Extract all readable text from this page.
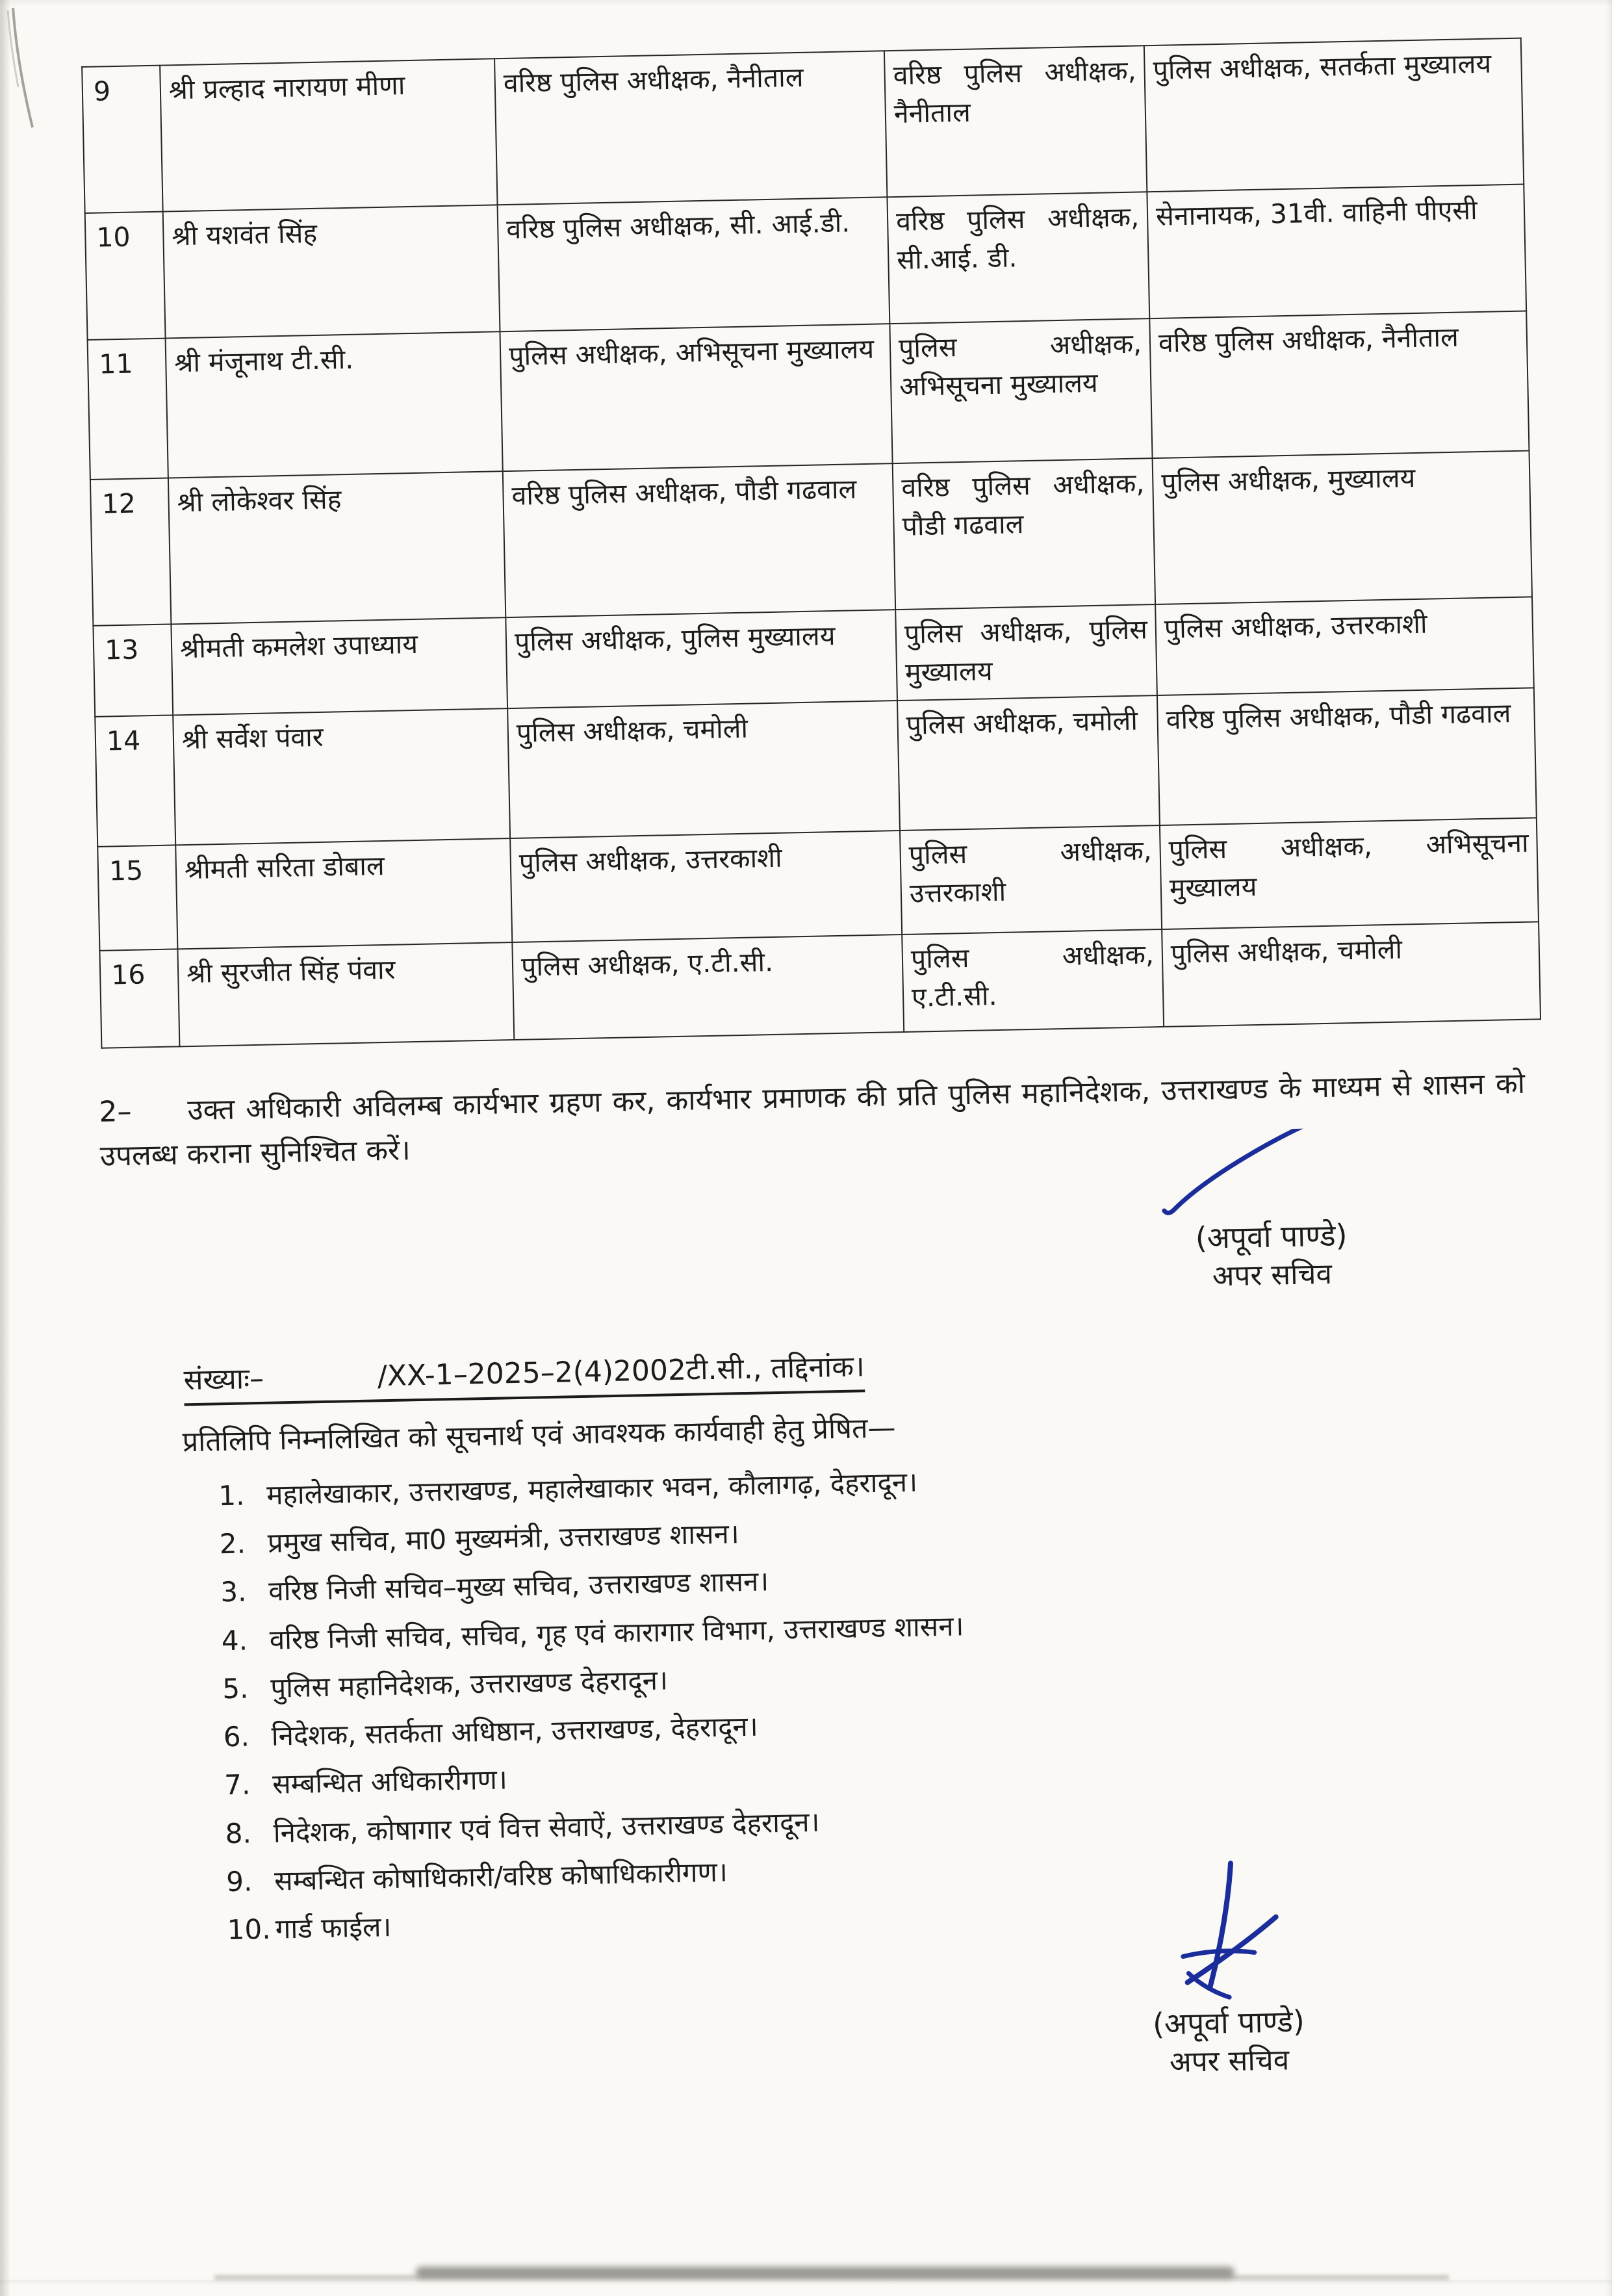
9	श्री प्रल्हाद नारायण मीणा	वरिष्ठ पुलिस अधीक्षक, नैनीताल	वरिष्ठ पुलिस अधीक्षक, नैनीताल	पुलिस अधीक्षक, सतर्कता मुख्यालय
10	श्री यशवंत सिंह	वरिष्ठ पुलिस अधीक्षक, सी. आई.डी.	वरिष्ठ पुलिस अधीक्षक, सी.आई. डी.	सेनानायक, 31वी. वाहिनी पीएसी
11	श्री मंजूनाथ टी.सी.	पुलिस अधीक्षक, अभिसूचना मुख्यालय	पुलिस अधीक्षक, अभिसूचना मुख्यालय	वरिष्ठ पुलिस अधीक्षक, नैनीताल
12	श्री लोकेश्वर सिंह	वरिष्ठ पुलिस अधीक्षक, पौडी गढवाल	वरिष्ठ पुलिस अधीक्षक, पौडी गढवाल	पुलिस अधीक्षक, मुख्यालय
13	श्रीमती कमलेश उपाध्याय	पुलिस अधीक्षक, पुलिस मुख्यालय	पुलिस अधीक्षक, पुलिस मुख्यालय	पुलिस अधीक्षक, उत्तरकाशी
14	श्री सर्वेश पंवार	पुलिस अधीक्षक, चमोली	पुलिस अधीक्षक, चमोली	वरिष्ठ पुलिस अधीक्षक, पौडी गढवाल
15	श्रीमती सरिता डोबाल	पुलिस अधीक्षक, उत्तरकाशी	पुलिस अधीक्षक, उत्तरकाशी	पुलिस अधीक्षक, अभिसूचना मुख्यालय
16	श्री सुरजीत सिंह पंवार	पुलिस अधीक्षक, ए.टी.सी.	पुलिस अधीक्षक, ए.टी.सी.	पुलिस अधीक्षक, चमोली

2– उक्त अधिकारी अविलम्ब कार्यभार ग्रहण कर, कार्यभार प्रमाणक की प्रति पुलिस महानिदेशक, उत्तराखण्ड के माध्यम से शासन को उपलब्ध कराना सुनिश्चित करें।

(अपूर्वा पाण्डे)
अपर सचिव
संख्याः–	/XX-1–2025–2(4)2002टी.सी., तद्दिनांक।
प्रतिलिपि निम्नलिखित को सूचनार्थ एवं आवश्यक कार्यवाही हेतु प्रेषित—
1. महालेखाकार, उत्तराखण्ड, महालेखाकार भवन, कौलागढ़, देहरादून।
2. प्रमुख सचिव, मा0 मुख्यमंत्री, उत्तराखण्ड शासन।
3. वरिष्ठ निजी सचिव–मुख्य सचिव, उत्तराखण्ड शासन।
4. वरिष्ठ निजी सचिव, सचिव, गृह एवं कारागार विभाग, उत्तराखण्ड शासन।
5. पुलिस महानिदेशक, उत्तराखण्ड देहरादून।
6. निदेशक, सतर्कता अधिष्ठान, उत्तराखण्ड, देहरादून।
7. सम्बन्धित अधिकारीगण।
8. निदेशक, कोषागार एवं वित्त सेवाऐं, उत्तराखण्ड देहरादून।
9. सम्बन्धित कोषाधिकारी/वरिष्ठ कोषाधिकारीगण।
10. गार्ड फाईल।
(अपूर्वा पाण्डे)
अपर सचिव
